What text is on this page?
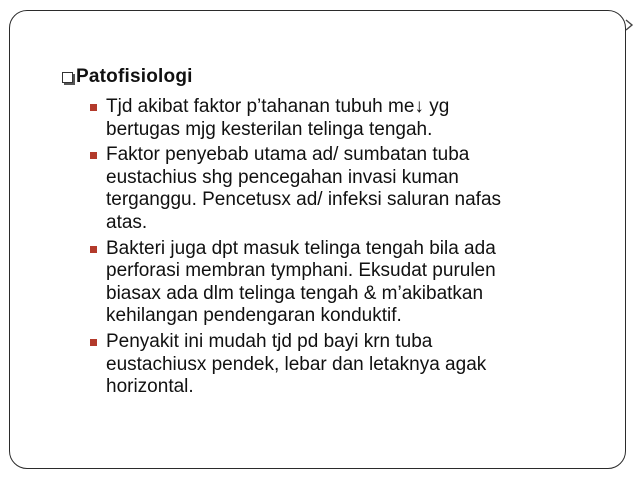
Patofisiologi
Tjd akibat faktor p’tahanan tubuh me↓ yg
bertugas mjg kesterilan telinga tengah.
Faktor penyebab utama ad/ sumbatan tuba
eustachius shg pencegahan invasi kuman
terganggu. Pencetusx ad/ infeksi saluran nafas
atas.
Bakteri juga dpt masuk telinga tengah bila ada
perforasi membran tymphani. Eksudat purulen
biasax ada dlm telinga tengah & m’akibatkan
kehilangan pendengaran konduktif.
Penyakit ini mudah tjd pd bayi krn tuba
eustachiusx pendek, lebar dan letaknya agak
horizontal.
